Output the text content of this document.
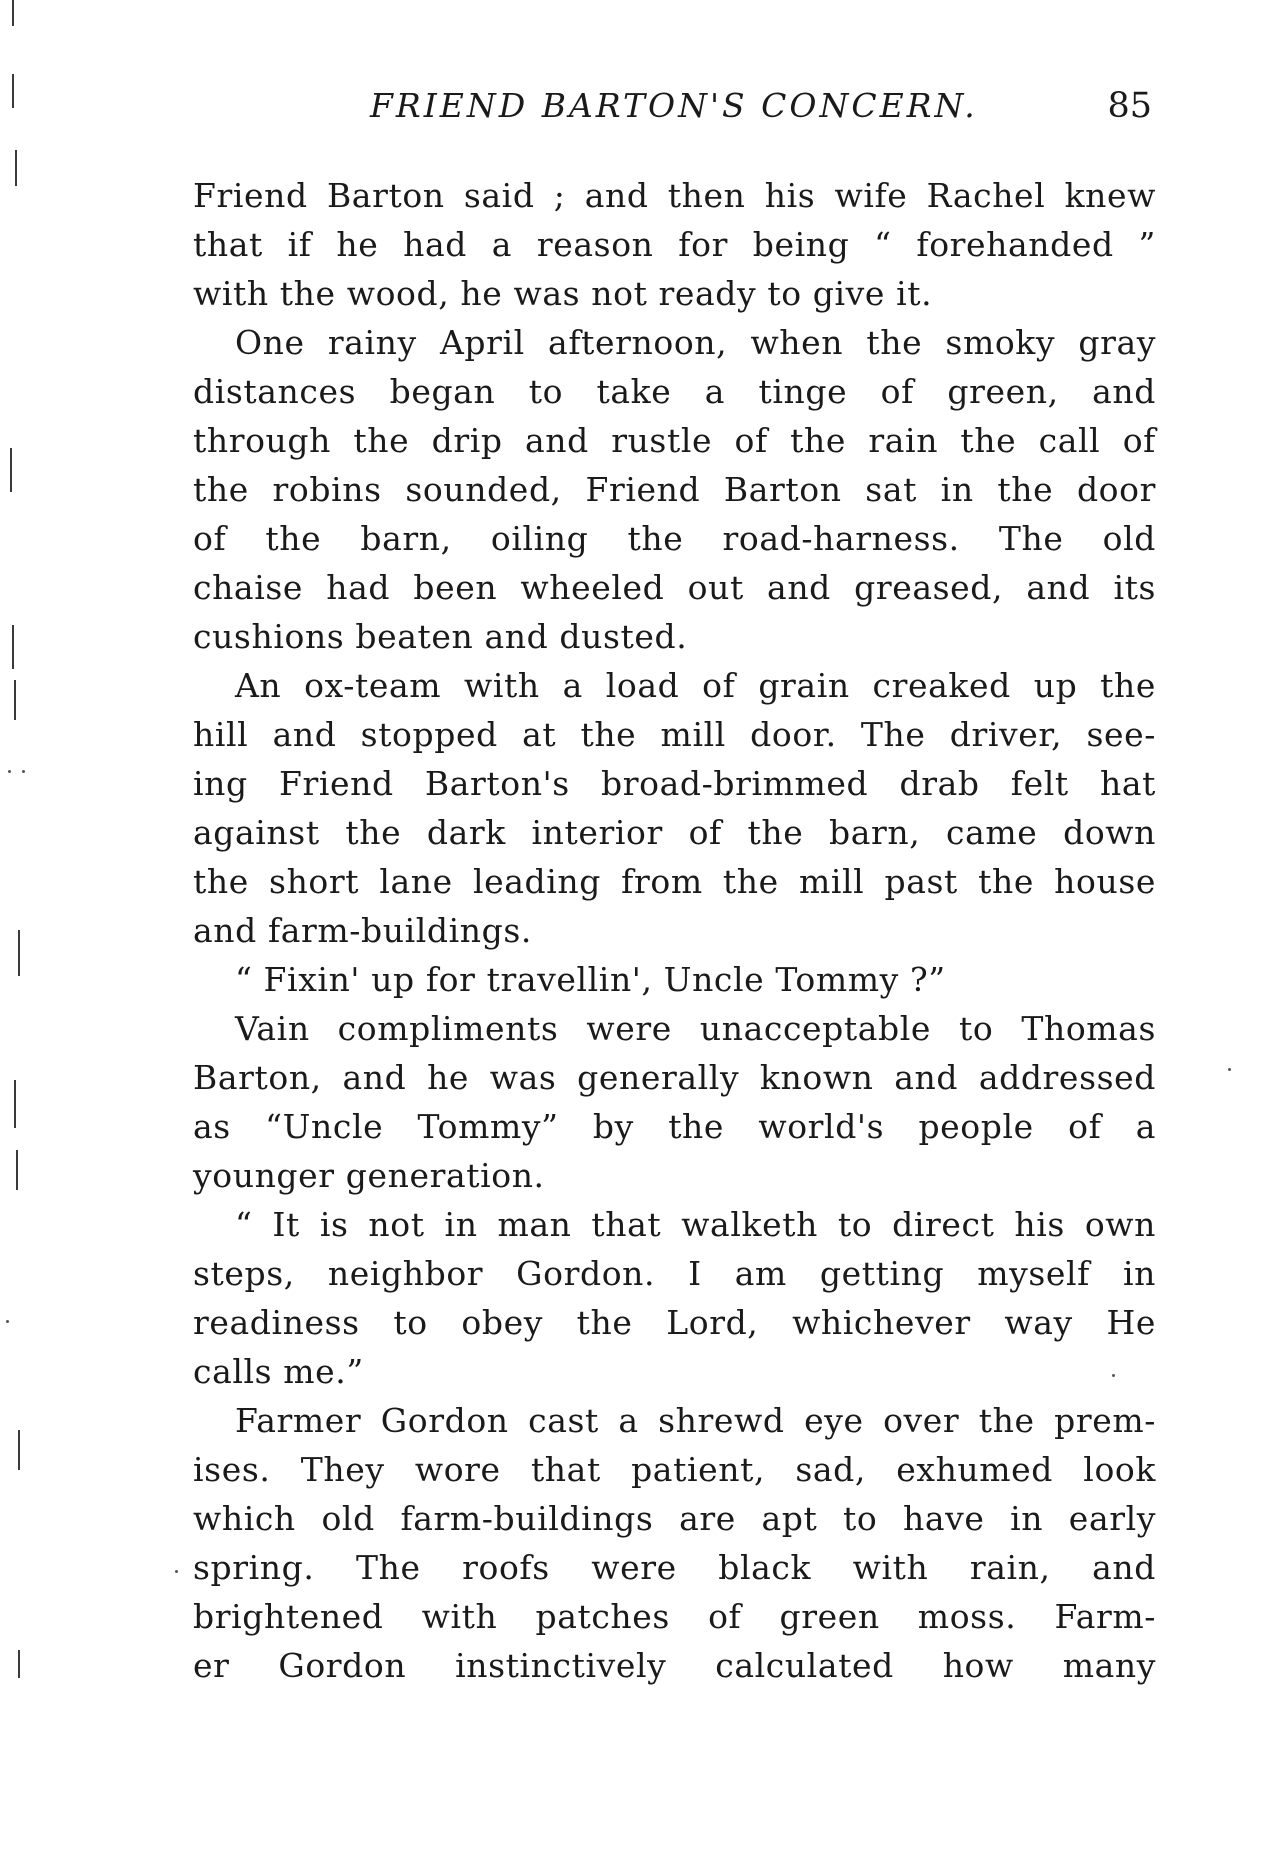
FRIEND BARTON'S CONCERN.	85
Friend Barton said ; and then his wife Rachel knew
that if he had a reason for being “ forehanded ”
with the wood, he was not ready to give it.
One rainy April afternoon, when the smoky gray
distances began to take a tinge of green, and
through the drip and rustle of the rain the call of
the robins sounded, Friend Barton sat in the door
of the barn, oiling the road-harness. The old
chaise had been wheeled out and greased, and its
cushions beaten and dusted.
An ox-team with a load of grain creaked up the
hill and stopped at the mill door. The driver, see-
ing Friend Barton's broad-brimmed drab felt hat
against the dark interior of the barn, came down
the short lane leading from the mill past the house
and farm-buildings.
“ Fixin' up for travellin', Uncle Tommy ?”
Vain compliments were unacceptable to Thomas
Barton, and he was generally known and addressed
as “Uncle Tommy” by the world's people of a
younger generation.
“ It is not in man that walketh to direct his own
steps, neighbor Gordon. I am getting myself in
readiness to obey the Lord, whichever way He
calls me.”
Farmer Gordon cast a shrewd eye over the prem-
ises. They wore that patient, sad, exhumed look
which old farm-buildings are apt to have in early
spring. The roofs were black with rain, and
brightened with patches of green moss. Farm-
er Gordon instinctively calculated how many
